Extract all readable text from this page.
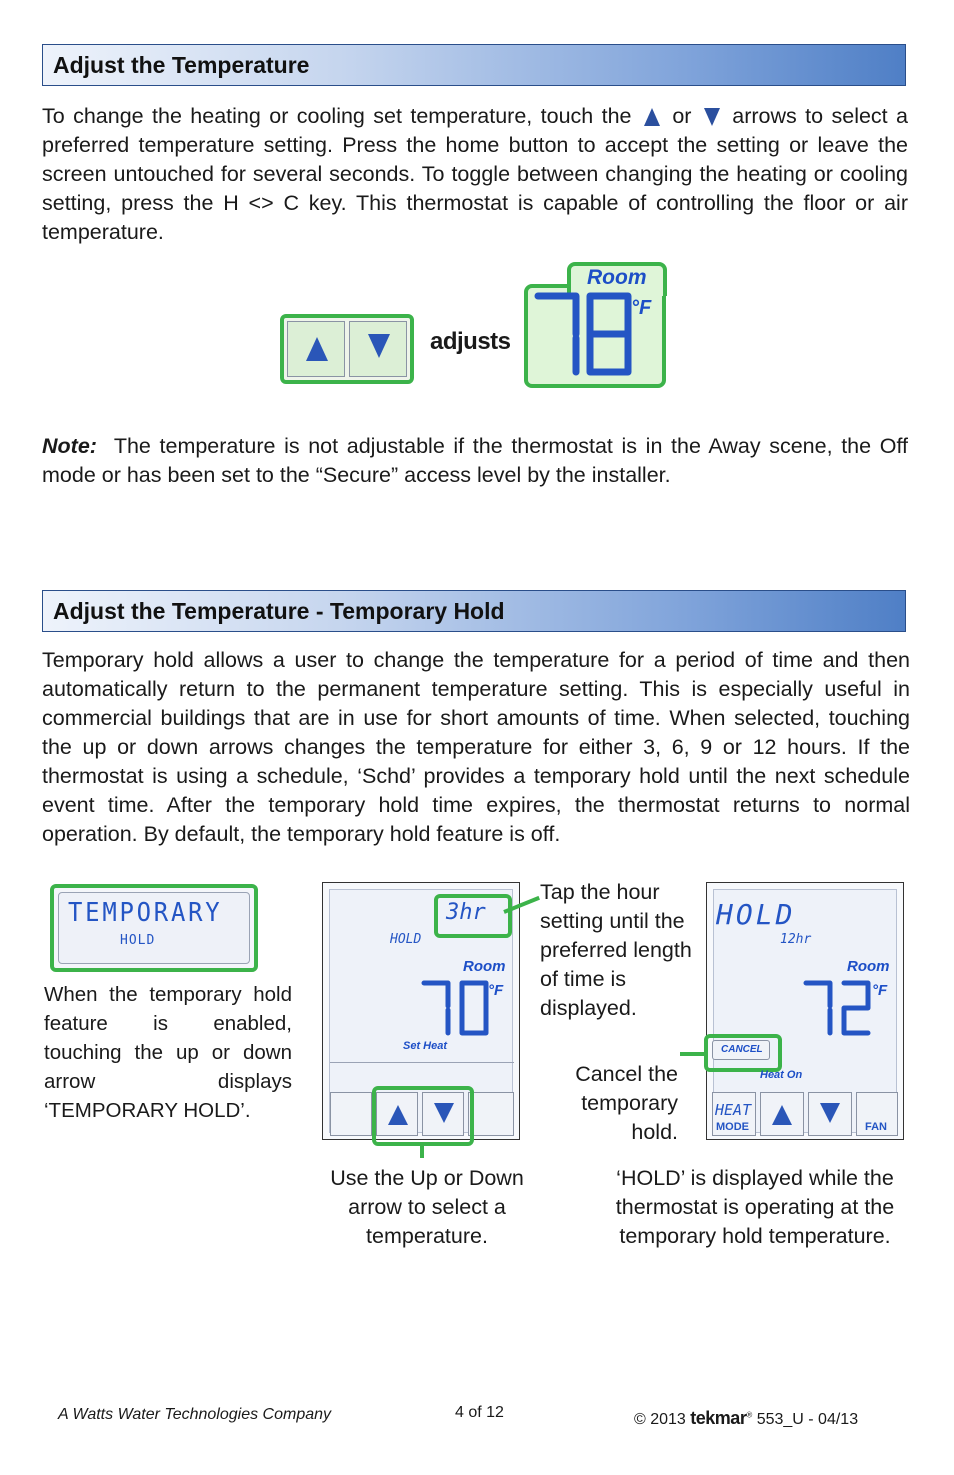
Adjust the Temperature
To change the heating or cooling set temperature, touch the or arrows to select a preferred temperature setting. Press the home button to accept the setting or leave the screen untouched for several seconds. To toggle between changing the heating or cooling setting, press the H <> C key. This thermostat is capable of controlling the floor or air temperature.
adjusts
Room
°F
Note: The temperature is not adjustable if the thermostat is in the Away scene, the Off mode or has been set to the “Secure” access level by the installer.
Adjust the Temperature - Temporary Hold
Temporary hold allows a user to change the temperature for a period of time and then automatically return to the permanent temperature setting. This is especially useful in commercial buildings that are in use for short amounts of time. When selected, touching the up or down arrows changes the temperature for either 3, 6, 9 or 12 hours. If the thermostat is using a schedule, ‘Schd’ provides a temporary hold until the next schedule event time. After the temporary hold time expires, the thermostat returns to normal operation. By default, the temporary hold feature is off.
TEMPORARY
HOLD
When the temporary hold feature is enabled, touching the up or down arrow displays ‘TEMPORARY HOLD’.
3hr
HOLD
Room
°F
Set Heat
Tap the hour setting until the preferred length of time is displayed.
Use the Up or Down arrow to select a temperature.
HOLD
12hr
Room
°F
CANCEL
Heat On
HEAT
MODE	FAN
Cancel the temporary hold.
‘HOLD’ is displayed while the thermostat is operating at the temporary hold temperature.
A Watts Water Technologies Company	4 of 12	© 2013 tekmar® 553_U - 04/13
